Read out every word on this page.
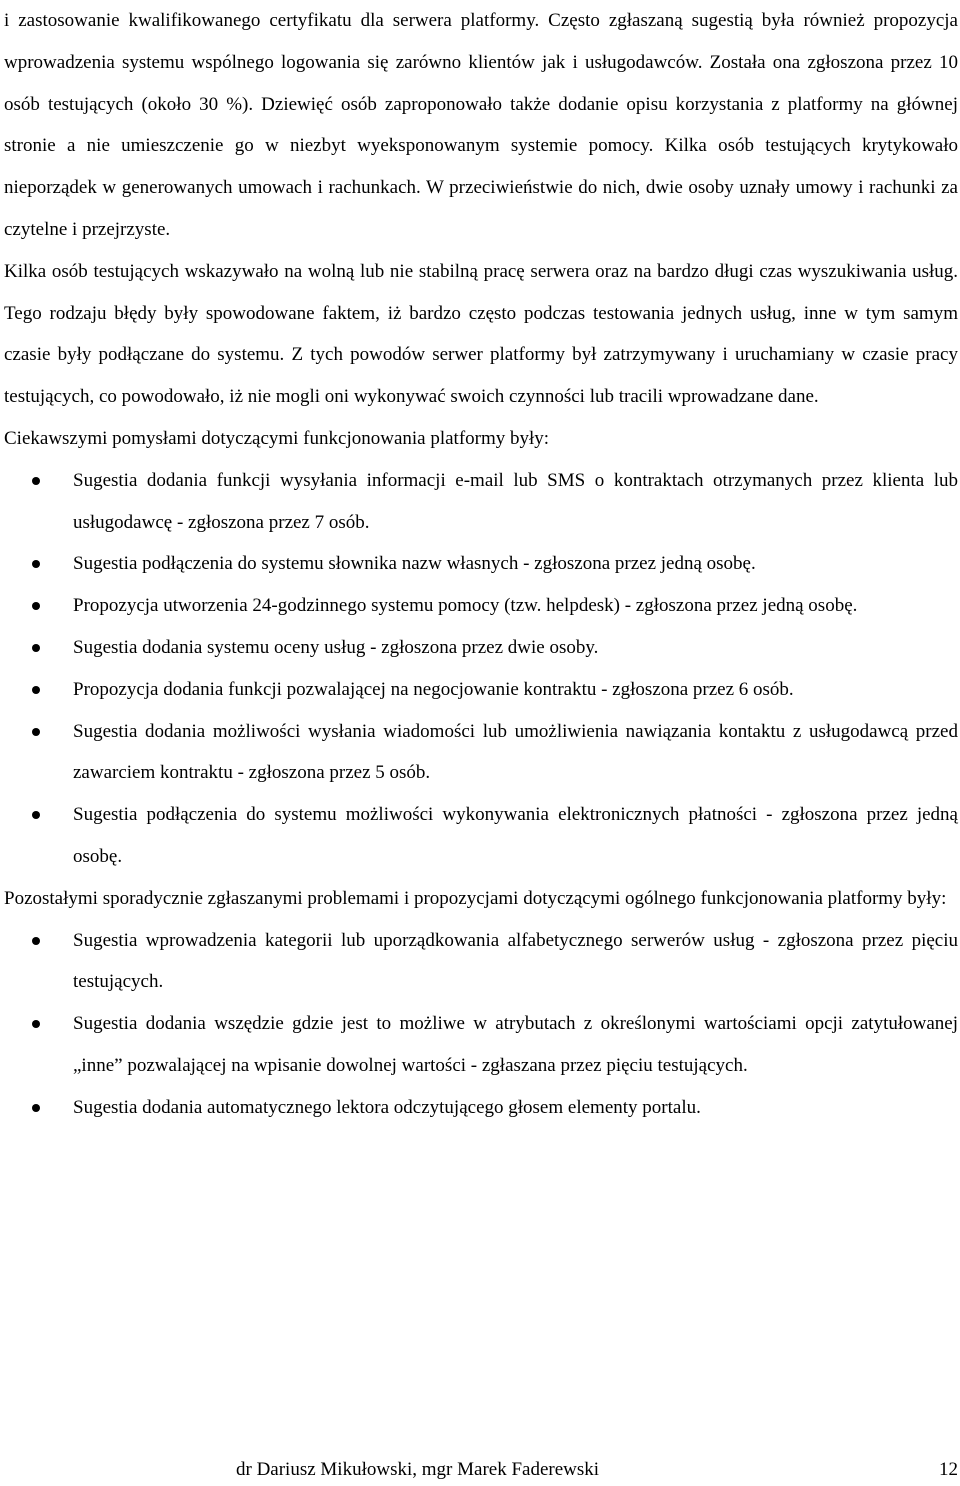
i zastosowanie kwalifikowanego certyfikatu dla serwera platformy. Często zgłaszaną sugestią była również propozycja wprowadzenia systemu wspólnego logowania się zarówno klientów jak i usługodawców. Została ona zgłoszona przez 10 osób testujących (około 30 %). Dziewięć osób zaproponowało także dodanie opisu korzystania z platformy na głównej stronie a nie umieszczenie go w niezbyt wyeksponowanym systemie pomocy. Kilka osób testujących krytykowało nieporządek w generowanych umowach i rachunkach. W przeciwieństwie do nich, dwie osoby uznały umowy i rachunki za czytelne i przejrzyste.

Kilka osób testujących wskazywało na wolną lub nie stabilną pracę serwera oraz na bardzo długi czas wyszukiwania usług. Tego rodzaju błędy były spowodowane faktem, iż bardzo często podczas testowania jednych usług, inne w tym samym czasie były podłączane do systemu. Z tych powodów serwer platformy był zatrzymywany i uruchamiany w czasie pracy testujących, co powodowało, iż nie mogli oni wykonywać swoich czynności lub tracili wprowadzane dane.

Ciekawszymi pomysłami dotyczącymi funkcjonowania platformy były:

Sugestia dodania funkcji wysyłania informacji e-mail lub SMS o kontraktach otrzymanych przez klienta lub usługodawcę - zgłoszona przez 7 osób.
Sugestia podłączenia do systemu słownika nazw własnych - zgłoszona przez jedną osobę.
Propozycja utworzenia 24-godzinnego systemu pomocy (tzw. helpdesk) - zgłoszona przez jedną osobę.
Sugestia dodania systemu oceny usług - zgłoszona przez dwie osoby.
Propozycja dodania funkcji pozwalającej na negocjowanie kontraktu - zgłoszona przez 6 osób.
Sugestia dodania możliwości wysłania wiadomości lub umożliwienia nawiązania kontaktu z usługodawcą przed zawarciem kontraktu - zgłoszona przez 5 osób.
Sugestia podłączenia do systemu możliwości wykonywania elektronicznych płatności - zgłoszona przez jedną osobę.

Pozostałymi sporadycznie zgłaszanymi problemami i propozycjami dotyczącymi ogólnego funkcjonowania platformy były:

Sugestia wprowadzenia kategorii lub uporządkowania alfabetycznego serwerów usług - zgłoszona przez pięciu testujących.
Sugestia dodania wszędzie gdzie jest to możliwe w atrybutach z określonymi wartościami opcji zatytułowanej „inne” pozwalającej na wpisanie dowolnej wartości - zgłaszana przez pięciu testujących.
Sugestia dodania automatycznego lektora odczytującego głosem elementy portalu.
dr Dariusz Mikułowski, mgr Marek Faderewski	12
